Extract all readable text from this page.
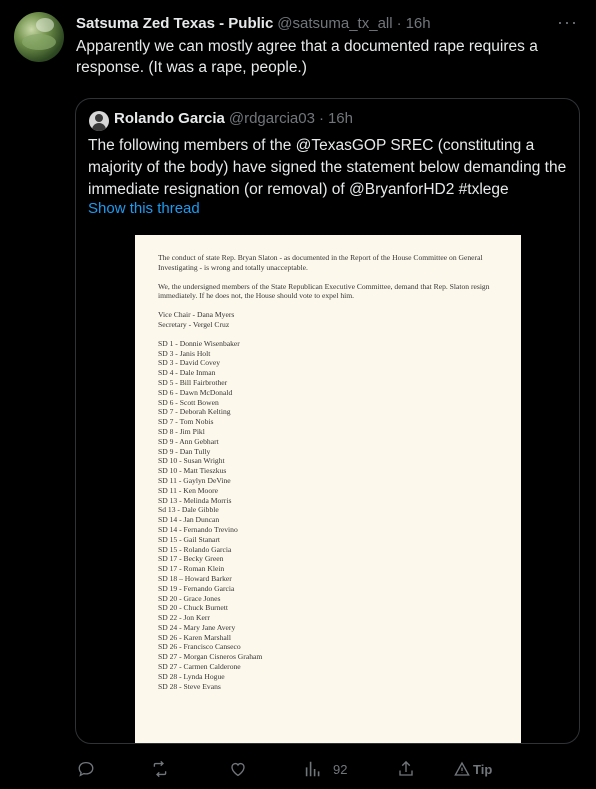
Satsuma Zed Texas - Public @satsuma_tx_all · 16h	···
Apparently we can mostly agree that a documented rape requires a response. (It was a rape, people.)
Rolando Garcia @rdgarcia03 · 16h
The following members of the @TexasGOP SREC (constituting a majority of the body) have signed the statement below demanding the immediate resignation (or removal) of @BryanforHD2 #txlege
Show this thread

The conduct of state Rep. Bryan Slaton - as documented in the Report of the House Committee on General Investigating - is wrong and totally unacceptable.

We, the undersigned members of the State Republican Executive Committee, demand that Rep. Slaton resign immediately. If he does not, the House should vote to expel him.

Vice Chair - Dana Myers
Secretary - Vergel Cruz
SD 1 - Donnie Wisenbaker
SD 3 - Janis Holt
SD 3 - David Covey
SD 4 - Dale Inman
SD 5 - Bill Fairbrother
SD 6 - Dawn McDonald
SD 6 - Scott Bowen
SD 7 - Deborah Kelting
SD 7 - Tom Nobis
SD 8 - Jim Pikl
SD 9 - Ann Gebhart
SD 9 - Dan Tully
SD 10 - Susan Wright
SD 10 - Matt Tieszkus
SD 11 - Gaylyn DeVine
SD 11 - Ken Moore
SD 13 - Melinda Morris
Sd 13 - Dale Gibble
SD 14 - Jan Duncan
SD 14 - Fernando Trevino
SD 15 - Gail Stanart
SD 15 - Rolando Garcia
SD 17 - Becky Green
SD 17 - Roman Klein
SD 18 – Howard Barker
SD 19 - Fernando Garcia
SD 20 - Grace Jones
SD 20 - Chuck Burnett
SD 22 - Jon Kerr
SD 24 - Mary Jane Avery
SD 26 - Karen Marshall
SD 26 - Francisco Canseco
SD 27 - Morgan Cisneros Graham
SD 27 - Carmen Calderone
SD 28 - Lynda Hogue
SD 28 - Steve Evans
92	Tip
